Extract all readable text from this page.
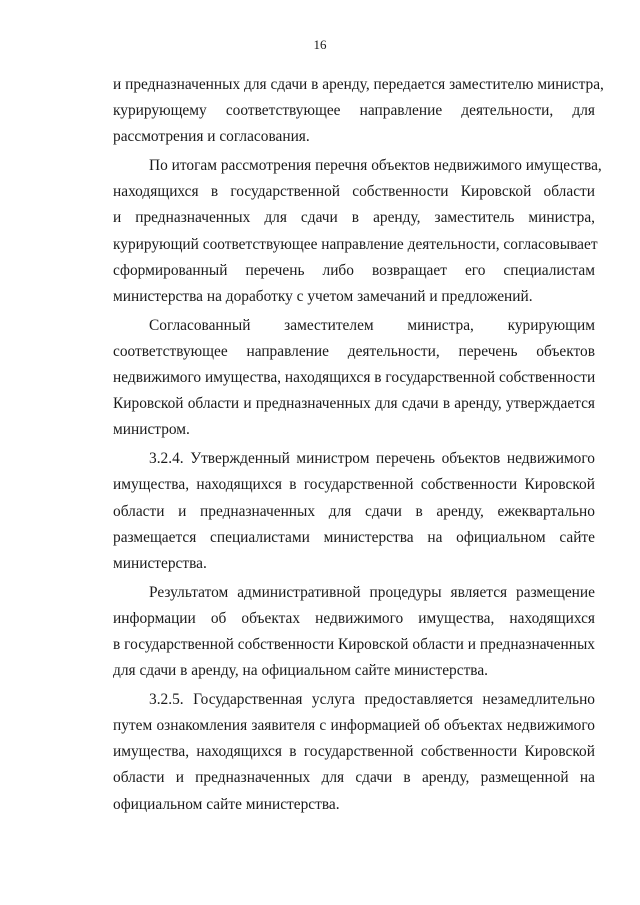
16
и предназначенных для сдачи в аренду, передается заместителю министра,
курирующему соответствующее направление деятельности, для
рассмотрения и согласования.
По итогам рассмотрения перечня объектов недвижимого имущества,
находящихся в государственной собственности Кировской области
и предназначенных для сдачи в аренду, заместитель министра,
курирующий соответствующее направление деятельности, согласовывает
сформированный перечень либо возвращает его специалистам
министерства на доработку с учетом замечаний и предложений.
Согласованный заместителем министра, курирующим
соответствующее направление деятельности, перечень объектов
недвижимого имущества, находящихся в государственной собственности
Кировской области и предназначенных для сдачи в аренду, утверждается
министром.
3.2.4. Утвержденный министром перечень объектов недвижимого
имущества, находящихся в государственной собственности Кировской
области и предназначенных для сдачи в аренду, ежеквартально
размещается специалистами министерства на официальном сайте
министерства.
Результатом административной процедуры является размещение
информации об объектах недвижимого имущества, находящихся
в государственной собственности Кировской области и предназначенных
для сдачи в аренду, на официальном сайте министерства.
3.2.5. Государственная услуга предоставляется незамедлительно
путем ознакомления заявителя с информацией об объектах недвижимого
имущества, находящихся в государственной собственности Кировской
области и предназначенных для сдачи в аренду, размещенной на
официальном сайте министерства.
